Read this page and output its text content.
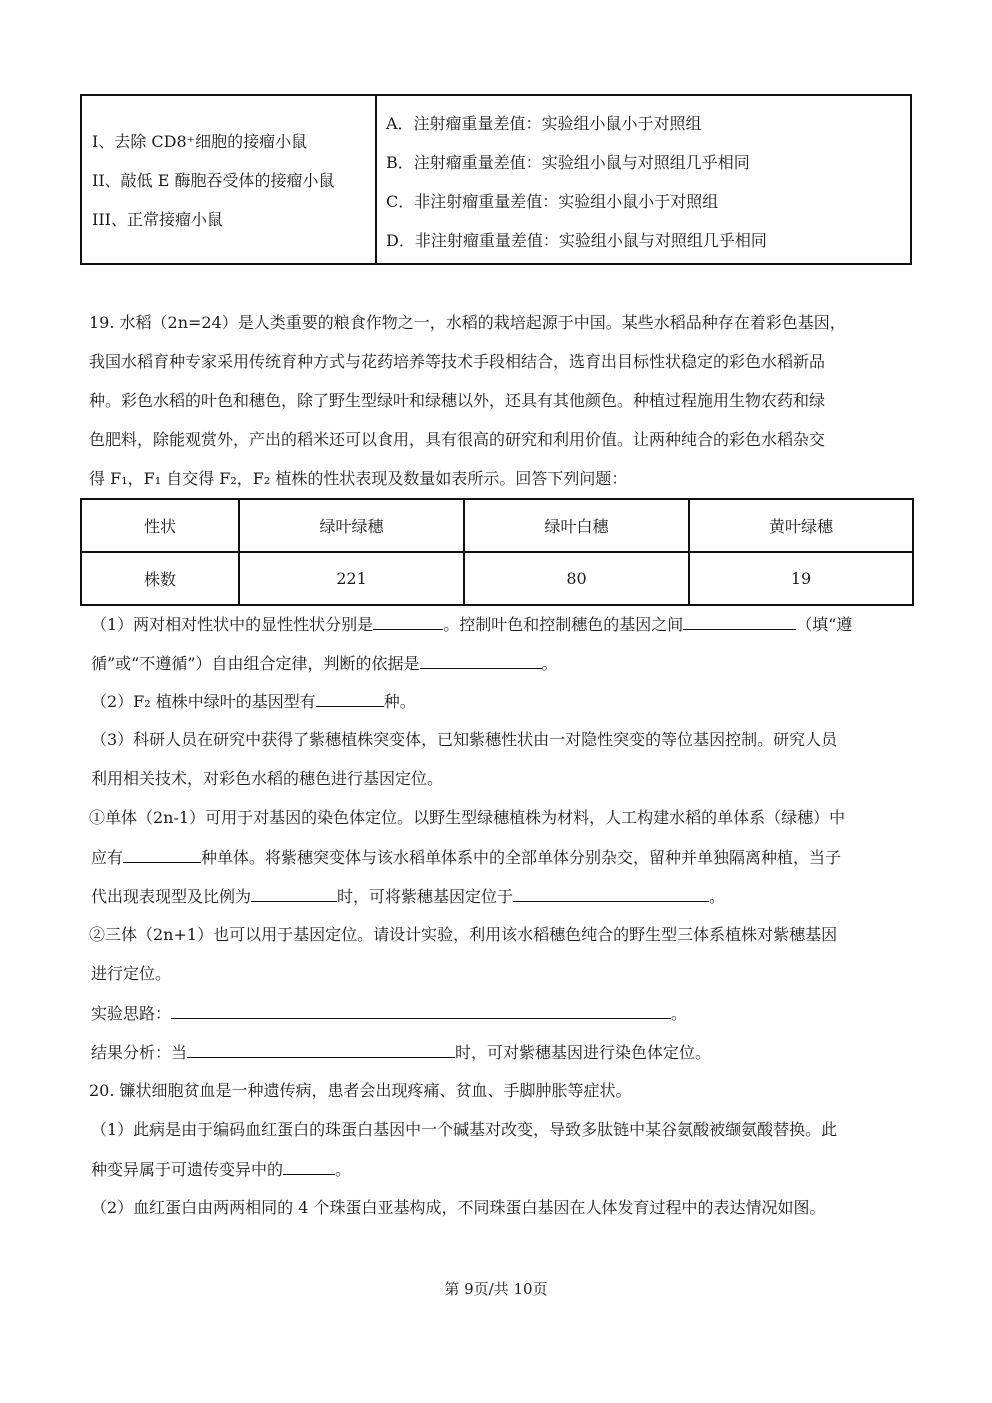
I、去除 CD8⁺细胞的接瘤小鼠
II、敲低 E 酶胞吞受体的接瘤小鼠
III、正常接瘤小鼠
A．注射瘤重量差值：实验组小鼠小于对照组
B．注射瘤重量差值：实验组小鼠与对照组几乎相同
C．非注射瘤重量差值：实验组小鼠小于对照组
D．非注射瘤重量差值：实验组小鼠与对照组几乎相同
19. 水稻（2n=24）是人类重要的粮食作物之一，水稻的栽培起源于中国。某些水稻品种存在着彩色基因，
我国水稻育种专家采用传统育种方式与花药培养等技术手段相结合，选育出目标性状稳定的彩色水稻新品
种。彩色水稻的叶色和穗色，除了野生型绿叶和绿穗以外，还具有其他颜色。种植过程施用生物农药和绿
色肥料，除能观赏外，产出的稻米还可以食用，具有很高的研究和利用价值。让两种纯合的彩色水稻杂交
得 F₁，F₁ 自交得 F₂，F₂ 植株的性状表现及数量如表所示。回答下列问题：
性状	绿叶绿穗	绿叶白穗	黄叶绿穗
株数	221	80	19
（1）两对相对性状中的显性性状分别是	。控制叶色和控制穗色的基因之间	（填“遵
循”或“不遵循”）自由组合定律，判断的依据是	。
（2）F₂ 植株中绿叶的基因型有	种。
（3）科研人员在研究中获得了紫穗植株突变体，已知紫穗性状由一对隐性突变的等位基因控制。研究人员
利用相关技术，对彩色水稻的穗色进行基因定位。
①单体（2n-1）可用于对基因的染色体定位。以野生型绿穗植株为材料，人工构建水稻的单体系（绿穗）中
应有	种单体。将紫穗突变体与该水稻单体系中的全部单体分别杂交，留种并单独隔离种植，当子
代出现表现型及比例为	时，可将紫穗基因定位于	。
②三体（2n+1）也可以用于基因定位。请设计实验，利用该水稻穗色纯合的野生型三体系植株对紫穗基因
进行定位。
实验思路：	。
结果分析：当	时，可对紫穗基因进行染色体定位。
20. 镰状细胞贫血是一种遗传病，患者会出现疼痛、贫血、手脚肿胀等症状。
（1）此病是由于编码血红蛋白的珠蛋白基因中一个碱基对改变，导致多肽链中某谷氨酸被缬氨酸替换。此
种变异属于可遗传变异中的	。
（2）血红蛋白由两两相同的 4 个珠蛋白亚基构成，不同珠蛋白基因在人体发育过程中的表达情况如图。
第 9页/共 10页
